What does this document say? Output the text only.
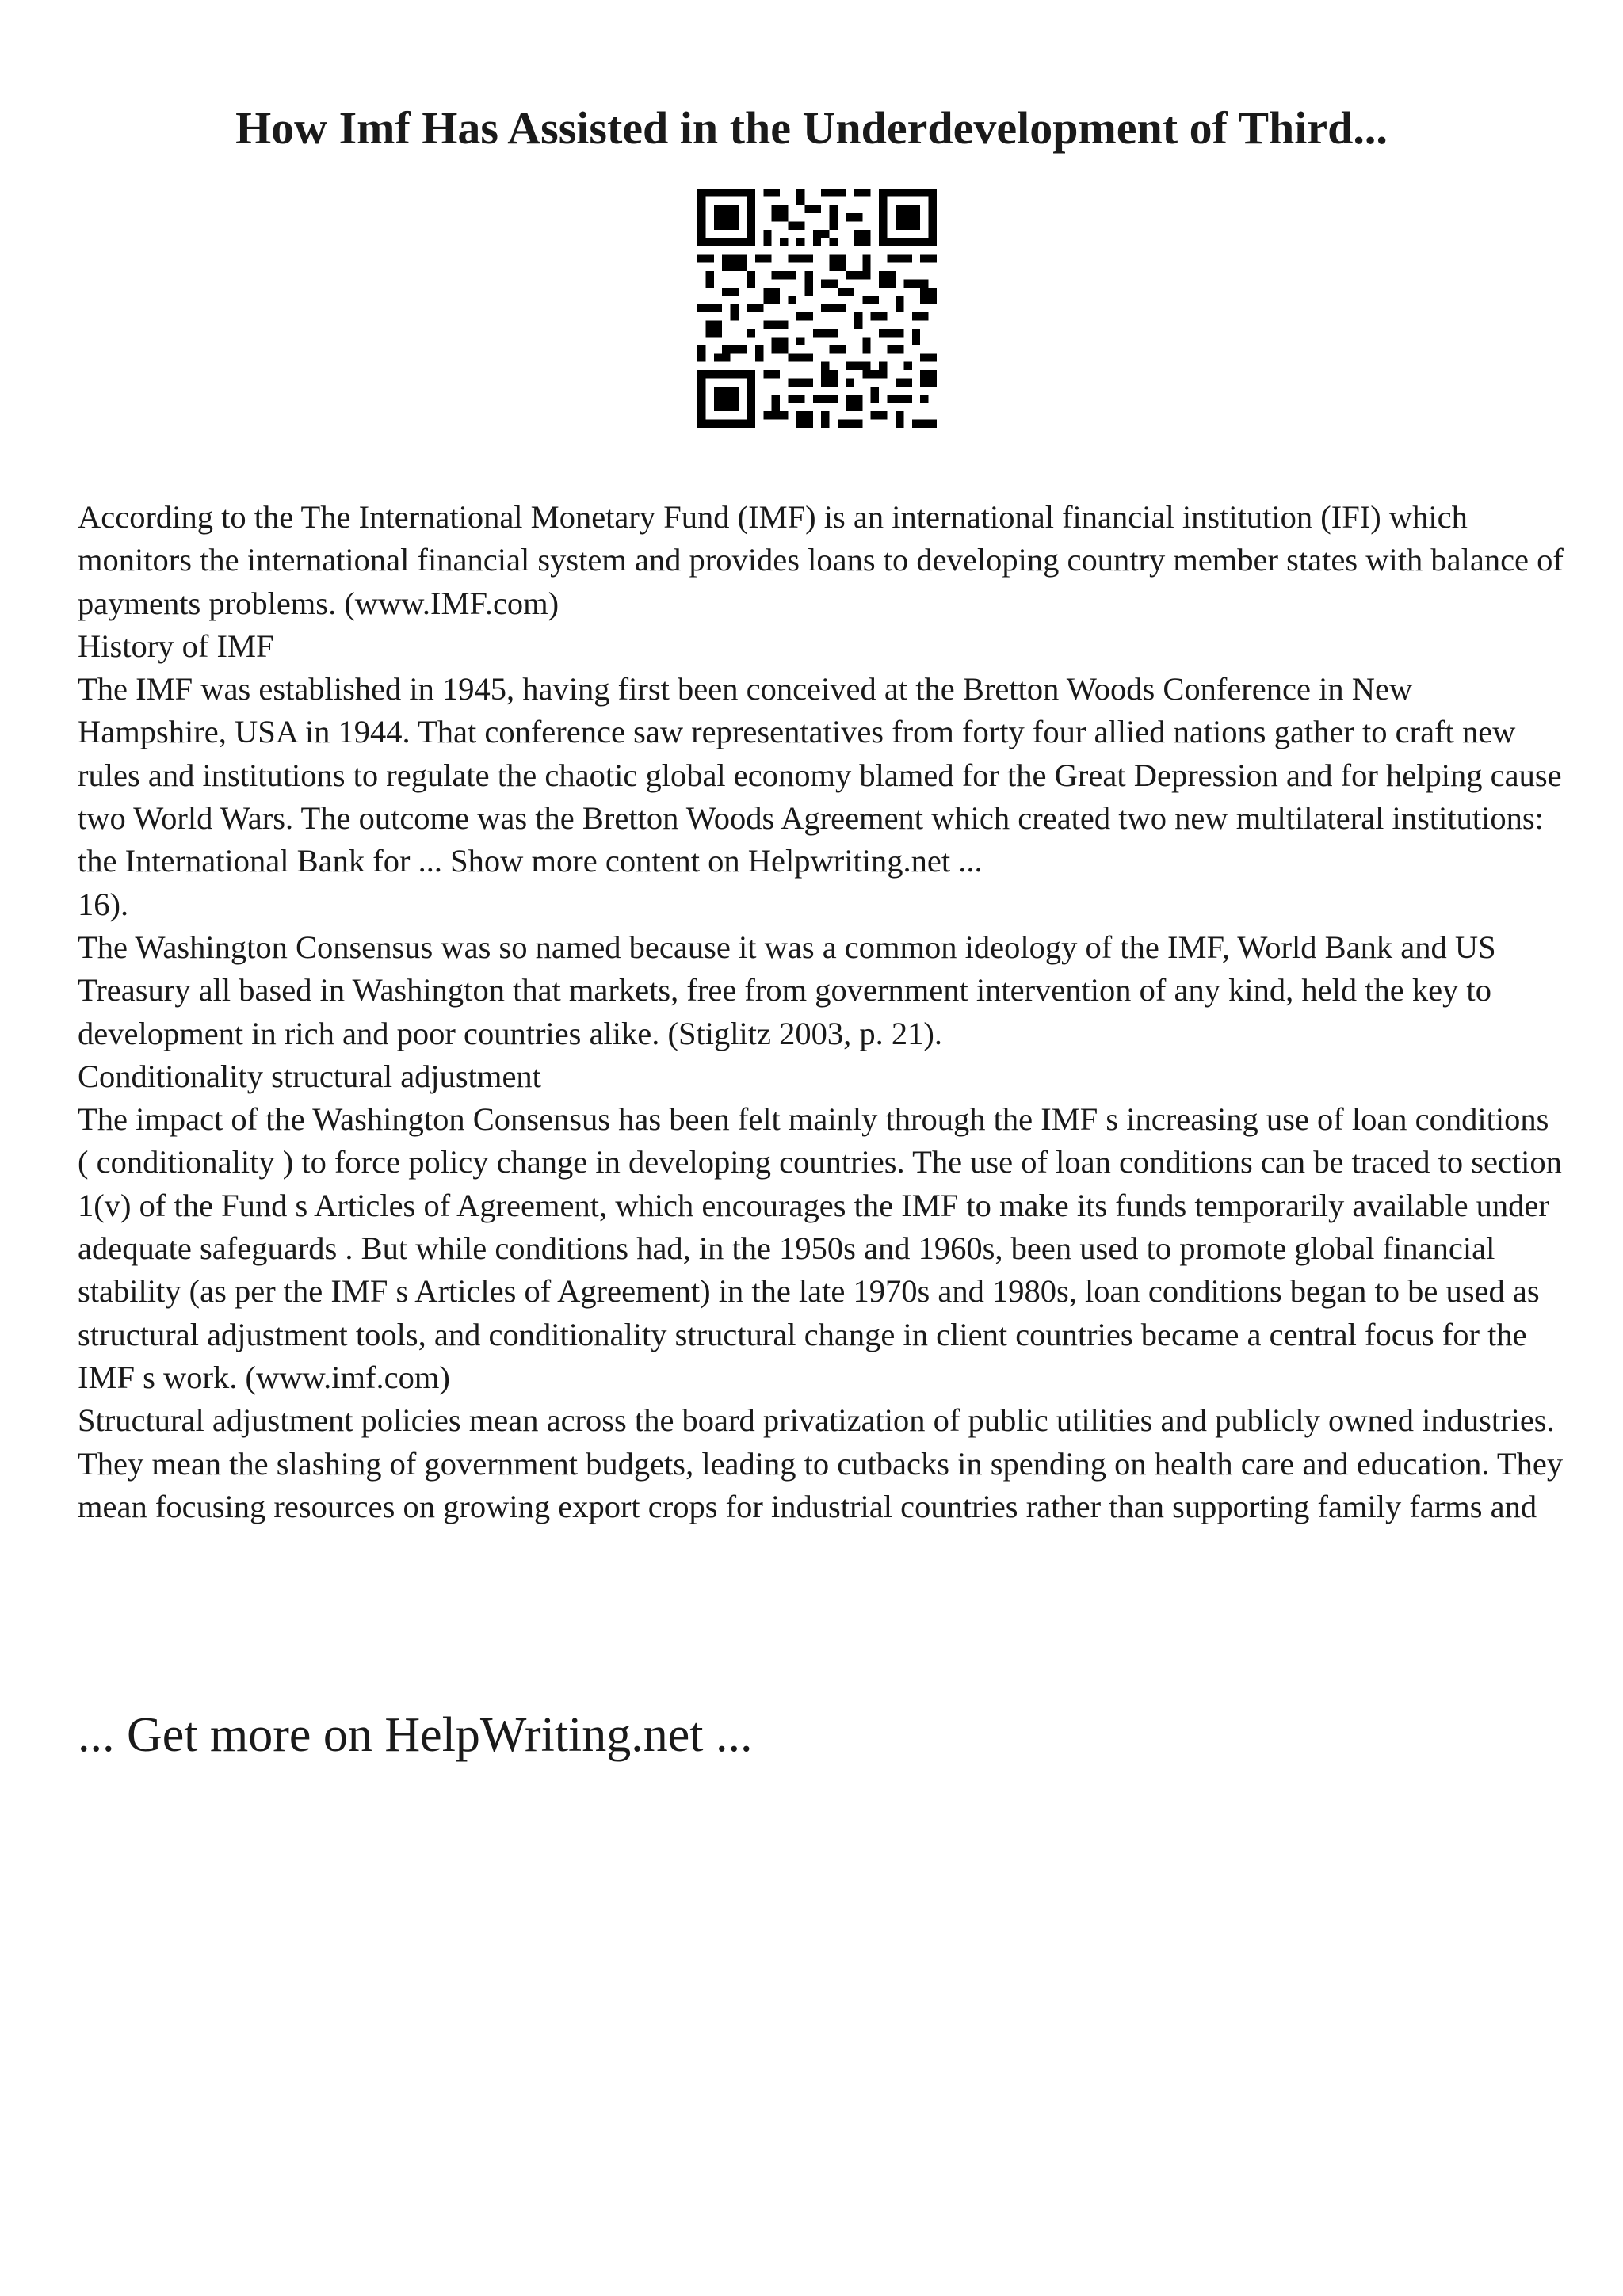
How Imf Has Assisted in the Underdevelopment of Third...

According to the The International Monetary Fund (IMF) is an international financial institution (IFI) which monitors the international financial system and provides loans to developing country member states with balance of payments problems. (www.IMF.com)

History of IMF

The IMF was established in 1945, having first been conceived at the Bretton Woods Conference in New Hampshire, USA in 1944. That conference saw representatives from forty four allied nations gather to craft new rules and institutions to regulate the chaotic global economy blamed for the Great Depression and for helping cause two World Wars. The outcome was the Bretton Woods Agreement which created two new multilateral institutions: the International Bank for ... Show more content on Helpwriting.net ...

16).

The Washington Consensus was so named because it was a common ideology of the IMF, World Bank and US Treasury all based in Washington that markets, free from government intervention of any kind, held the key to development in rich and poor countries alike. (Stiglitz 2003, p. 21).

Conditionality structural adjustment

The impact of the Washington Consensus has been felt mainly through the IMF s increasing use of loan conditions ( conditionality ) to force policy change in developing countries. The use of loan conditions can be traced to section 1(v) of the Fund s Articles of Agreement, which encourages the IMF to make its funds temporarily available under adequate safeguards . But while conditions had, in the 1950s and 1960s, been used to promote global financial stability (as per the IMF s Articles of Agreement) in the late 1970s and 1980s, loan conditions began to be used as structural adjustment tools, and conditionality structural change in client countries became a central focus for the IMF s work. (www.imf.com)

Structural adjustment policies mean across the board privatization of public utilities and publicly owned industries. They mean the slashing of government budgets, leading to cutbacks in spending on health care and education. They mean focusing resources on growing export crops for industrial countries rather than supporting family farms and

... Get more on HelpWriting.net ...
